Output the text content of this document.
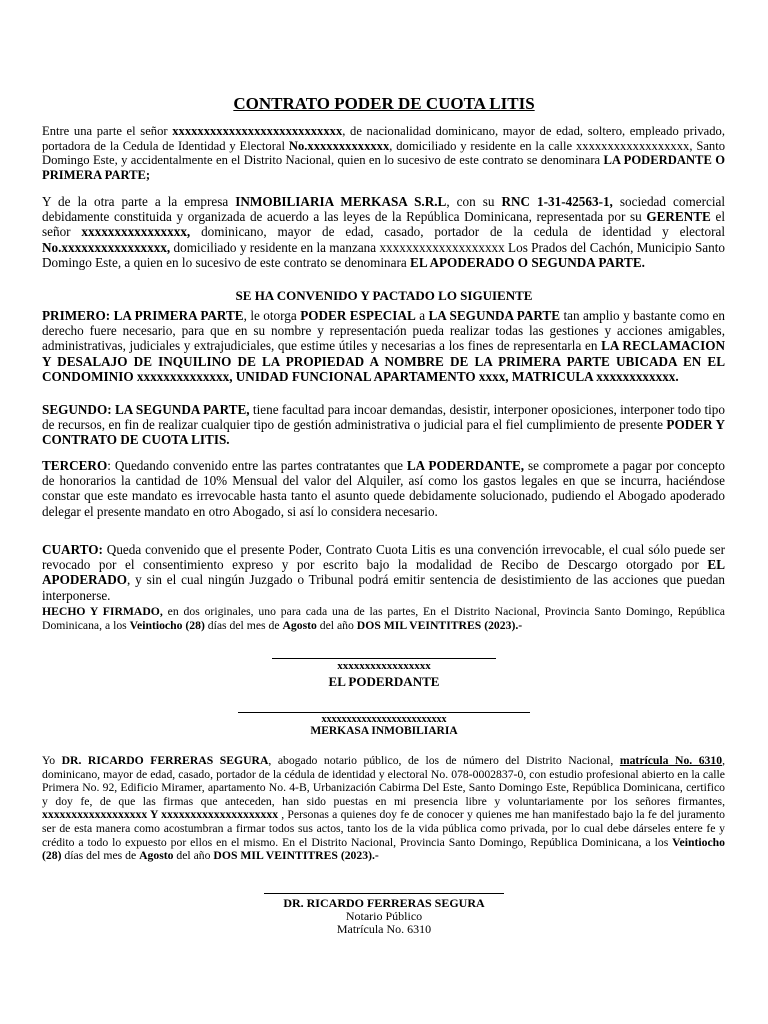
CONTRATO PODER DE CUOTA LITIS
Entre una parte el señor xxxxxxxxxxxxxxxxxxxxxxxxxxx, de nacionalidad dominicano, mayor de edad, soltero, empleado privado, portadora de la Cedula de Identidad y Electoral No.xxxxxxxxxxxxx, domiciliado y residente en la calle xxxxxxxxxxxxxxxxxx, Santo Domingo Este, y accidentalmente en el Distrito Nacional, quien en lo sucesivo de este contrato se denominara LA PODERDANTE O PRIMERA PARTE;
Y de la otra parte a la empresa INMOBILIARIA MERKASA S.R.L, con su RNC 1-31-42563-1, sociedad comercial debidamente constituida y organizada de acuerdo a las leyes de la República Dominicana, representada por su GERENTE el señor xxxxxxxxxxxxxxxx, dominicano, mayor de edad, casado, portador de la cedula de identidad y electoral No.xxxxxxxxxxxxxxxx, domiciliado y residente en la manzana xxxxxxxxxxxxxxxxxxx Los Prados del Cachón, Municipio Santo Domingo Este, a quien en lo sucesivo de este contrato se denominara EL APODERADO O SEGUNDA PARTE.
SE HA CONVENIDO Y PACTADO LO SIGUIENTE
PRIMERO: LA PRIMERA PARTE, le otorga PODER ESPECIAL a LA SEGUNDA PARTE tan amplio y bastante como en derecho fuere necesario, para que en su nombre y representación pueda realizar todas las gestiones y acciones amigables, administrativas, judiciales y extrajudiciales, que estime útiles y necesarias a los fines de representarla en LA RECLAMACION Y DESALAJO DE INQUILINO DE LA PROPIEDAD A NOMBRE DE LA PRIMERA PARTE UBICADA EN EL CONDOMINIO xxxxxxxxxxxxxx, UNIDAD FUNCIONAL APARTAMENTO xxxx, MATRICULA xxxxxxxxxxxx.
SEGUNDO: LA SEGUNDA PARTE, tiene facultad para incoar demandas, desistir, interponer oposiciones, interponer todo tipo de recursos, en fin de realizar cualquier tipo de gestión administrativa o judicial para el fiel cumplimiento de presente PODER Y CONTRATO DE CUOTA LITIS.
TERCERO: Quedando convenido entre las partes contratantes que LA PODERDANTE, se compromete a pagar por concepto de honorarios la cantidad de 10% Mensual del valor del Alquiler, así como los gastos legales en que se incurra, haciéndose constar que este mandato es irrevocable hasta tanto el asunto quede debidamente solucionado, pudiendo el Abogado apoderado delegar el presente mandato en otro Abogado, si así lo considera necesario.
CUARTO: Queda convenido que el presente Poder, Contrato Cuota Litis es una convención irrevocable, el cual sólo puede ser revocado por el consentimiento expreso y por escrito bajo la modalidad de Recibo de Descargo otorgado por EL APODERADO, y sin el cual ningún Juzgado o Tribunal podrá emitir sentencia de desistimiento de las acciones que puedan interponerse.
HECHO Y FIRMADO, en dos originales, uno para cada una de las partes, En el Distrito Nacional, Provincia Santo Domingo, República Dominicana, a los Veintiocho (28) días del mes de Agosto del año DOS MIL VEINTITRES (2023).-
xxxxxxxxxxxxxxxxx
EL PODERDANTE
xxxxxxxxxxxxxxxxxxxxxxxxx
MERKASA INMOBILIARIA
Yo DR. RICARDO FERRERAS SEGURA, abogado notario público, de los de número del Distrito Nacional, matrícula No. 6310, dominicano, mayor de edad, casado, portador de la cédula de identidad y electoral No. 078-0002837-0, con estudio profesional abierto en la calle Primera No. 92, Edificio Miramer, apartamento No. 4-B, Urbanización Cabirma Del Este, Santo Domingo Este, República Dominicana, certifico y doy fe, de que las firmas que anteceden, han sido puestas en mi presencia libre y voluntariamente por los señores firmantes, xxxxxxxxxxxxxxxxxx Y xxxxxxxxxxxxxxxxxxxx , Personas a quienes doy fe de conocer y quienes me han manifestado bajo la fe del juramento ser de esta manera como acostumbran a firmar todos sus actos, tanto los de la vida pública como privada, por lo cual debe dárseles entere fe y crédito a todo lo expuesto por ellos en el mismo. En el Distrito Nacional, Provincia Santo Domingo, República Dominicana, a los Veintiocho (28) días del mes de Agosto del año DOS MIL VEINTITRES (2023).-
DR. RICARDO FERRERAS SEGURA
Notario Público
Matrícula No. 6310
